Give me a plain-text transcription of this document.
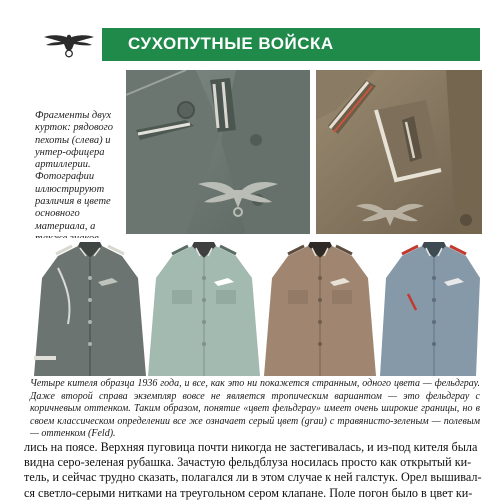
СУХОПУТНЫЕ ВОЙСКА
Фрагменты двух курток: рядового пехоты (слева) и унтер-офицера артиллерии. Фотографии иллюстрируют различия в цвете основного материала, а
Четыре кителя образца 1936 года, и все, как это ни покажется странным, одного цвета — фельдграу. Даже второй справа экземпляр вовсе не является тропическим вариантом — это фельдграу с коричневым оттенком. Таким образом, понятие «цвет фельдграу» имеет очень широкие границы, но в своем классическом определении все же означает серый цвет (grau) с травянисто-зеленым — полевым — оттенком (Feld).
лись на поясе. Верхняя пуговица почти никогда не застегивалась, и из-под кителя была
видна серо-зеленая рубашка. Зачастую фельдблуза носилась просто как открытый ки-
тель, и сейчас трудно сказать, полагался ли в этом случае к ней галстук. Орел вышивал-
ся светло-серыми нитками на треугольном сером клапане. Поле погон было в цвет ки-
